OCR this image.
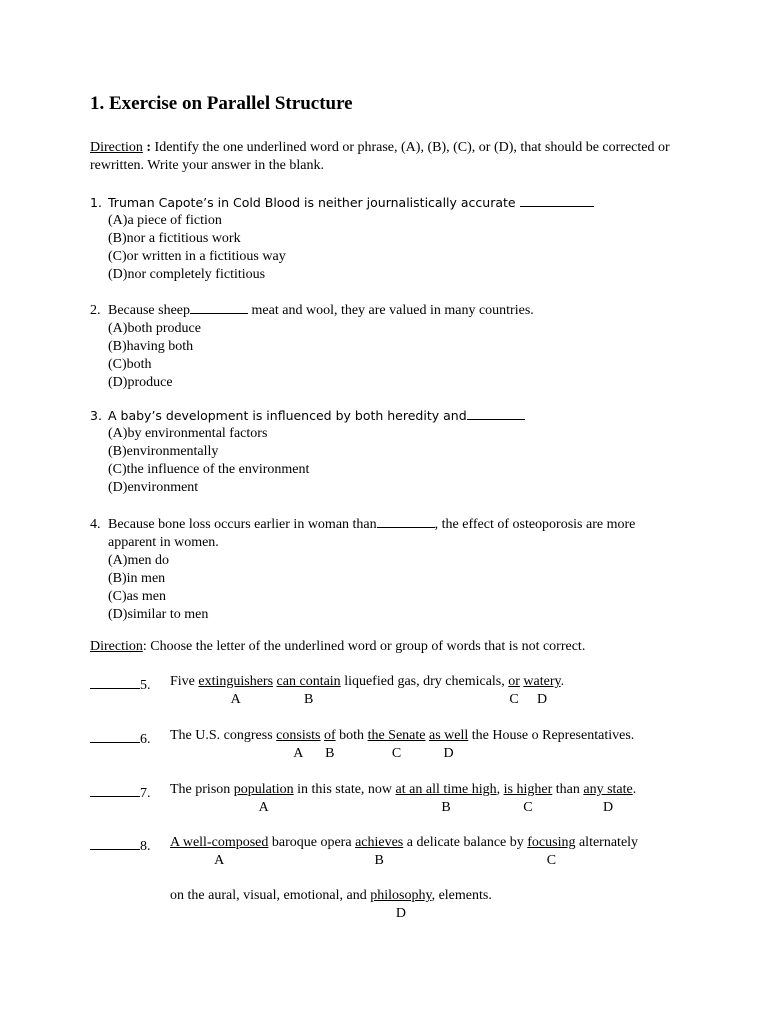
1. Exercise on Parallel Structure

Direction : Identify the one underlined word or phrase, (A), (B), (C), or (D), that should be corrected or rewritten. Write your answer in the blank.

1. Truman Capote’s in Cold Blood is neither journalistically accurate
(A)a piece of fiction
(B)nor a fictitious work
(C)or written in a fictitious way
(D)nor completely fictitious
2. Because sheep	meat and wool, they are valued in many countries.
(A)both produce
(B)having both
(C)both
(D)produce
3. A baby’s development is influenced by both heredity and
(A)by environmental factors
(B)environmentally
(C)the influence of the environment
(D)environment
4. Because bone loss occurs earlier in woman than	, the effect of osteoporosis are more
apparent in women.
(A)men do
(B)in men
(C)as men
(D)similar to men

Direction: Choose the letter of the underlined word or group of words that is not correct.

5. Five extinguishers can contain liquefied gas, dry chemicals, or watery.
A	B	C D
6. The U.S. congress consists of both the Senate as well the House o Representatives.
A B	C	D
7. The prison population in this state, now at an all time high, is higher than any state.
A	B	C	D
8. A well-composed baroque opera achieves a delicate balance by focusing alternately
A	B	C
on the aural, visual, emotional, and philosophy, elements.
D
